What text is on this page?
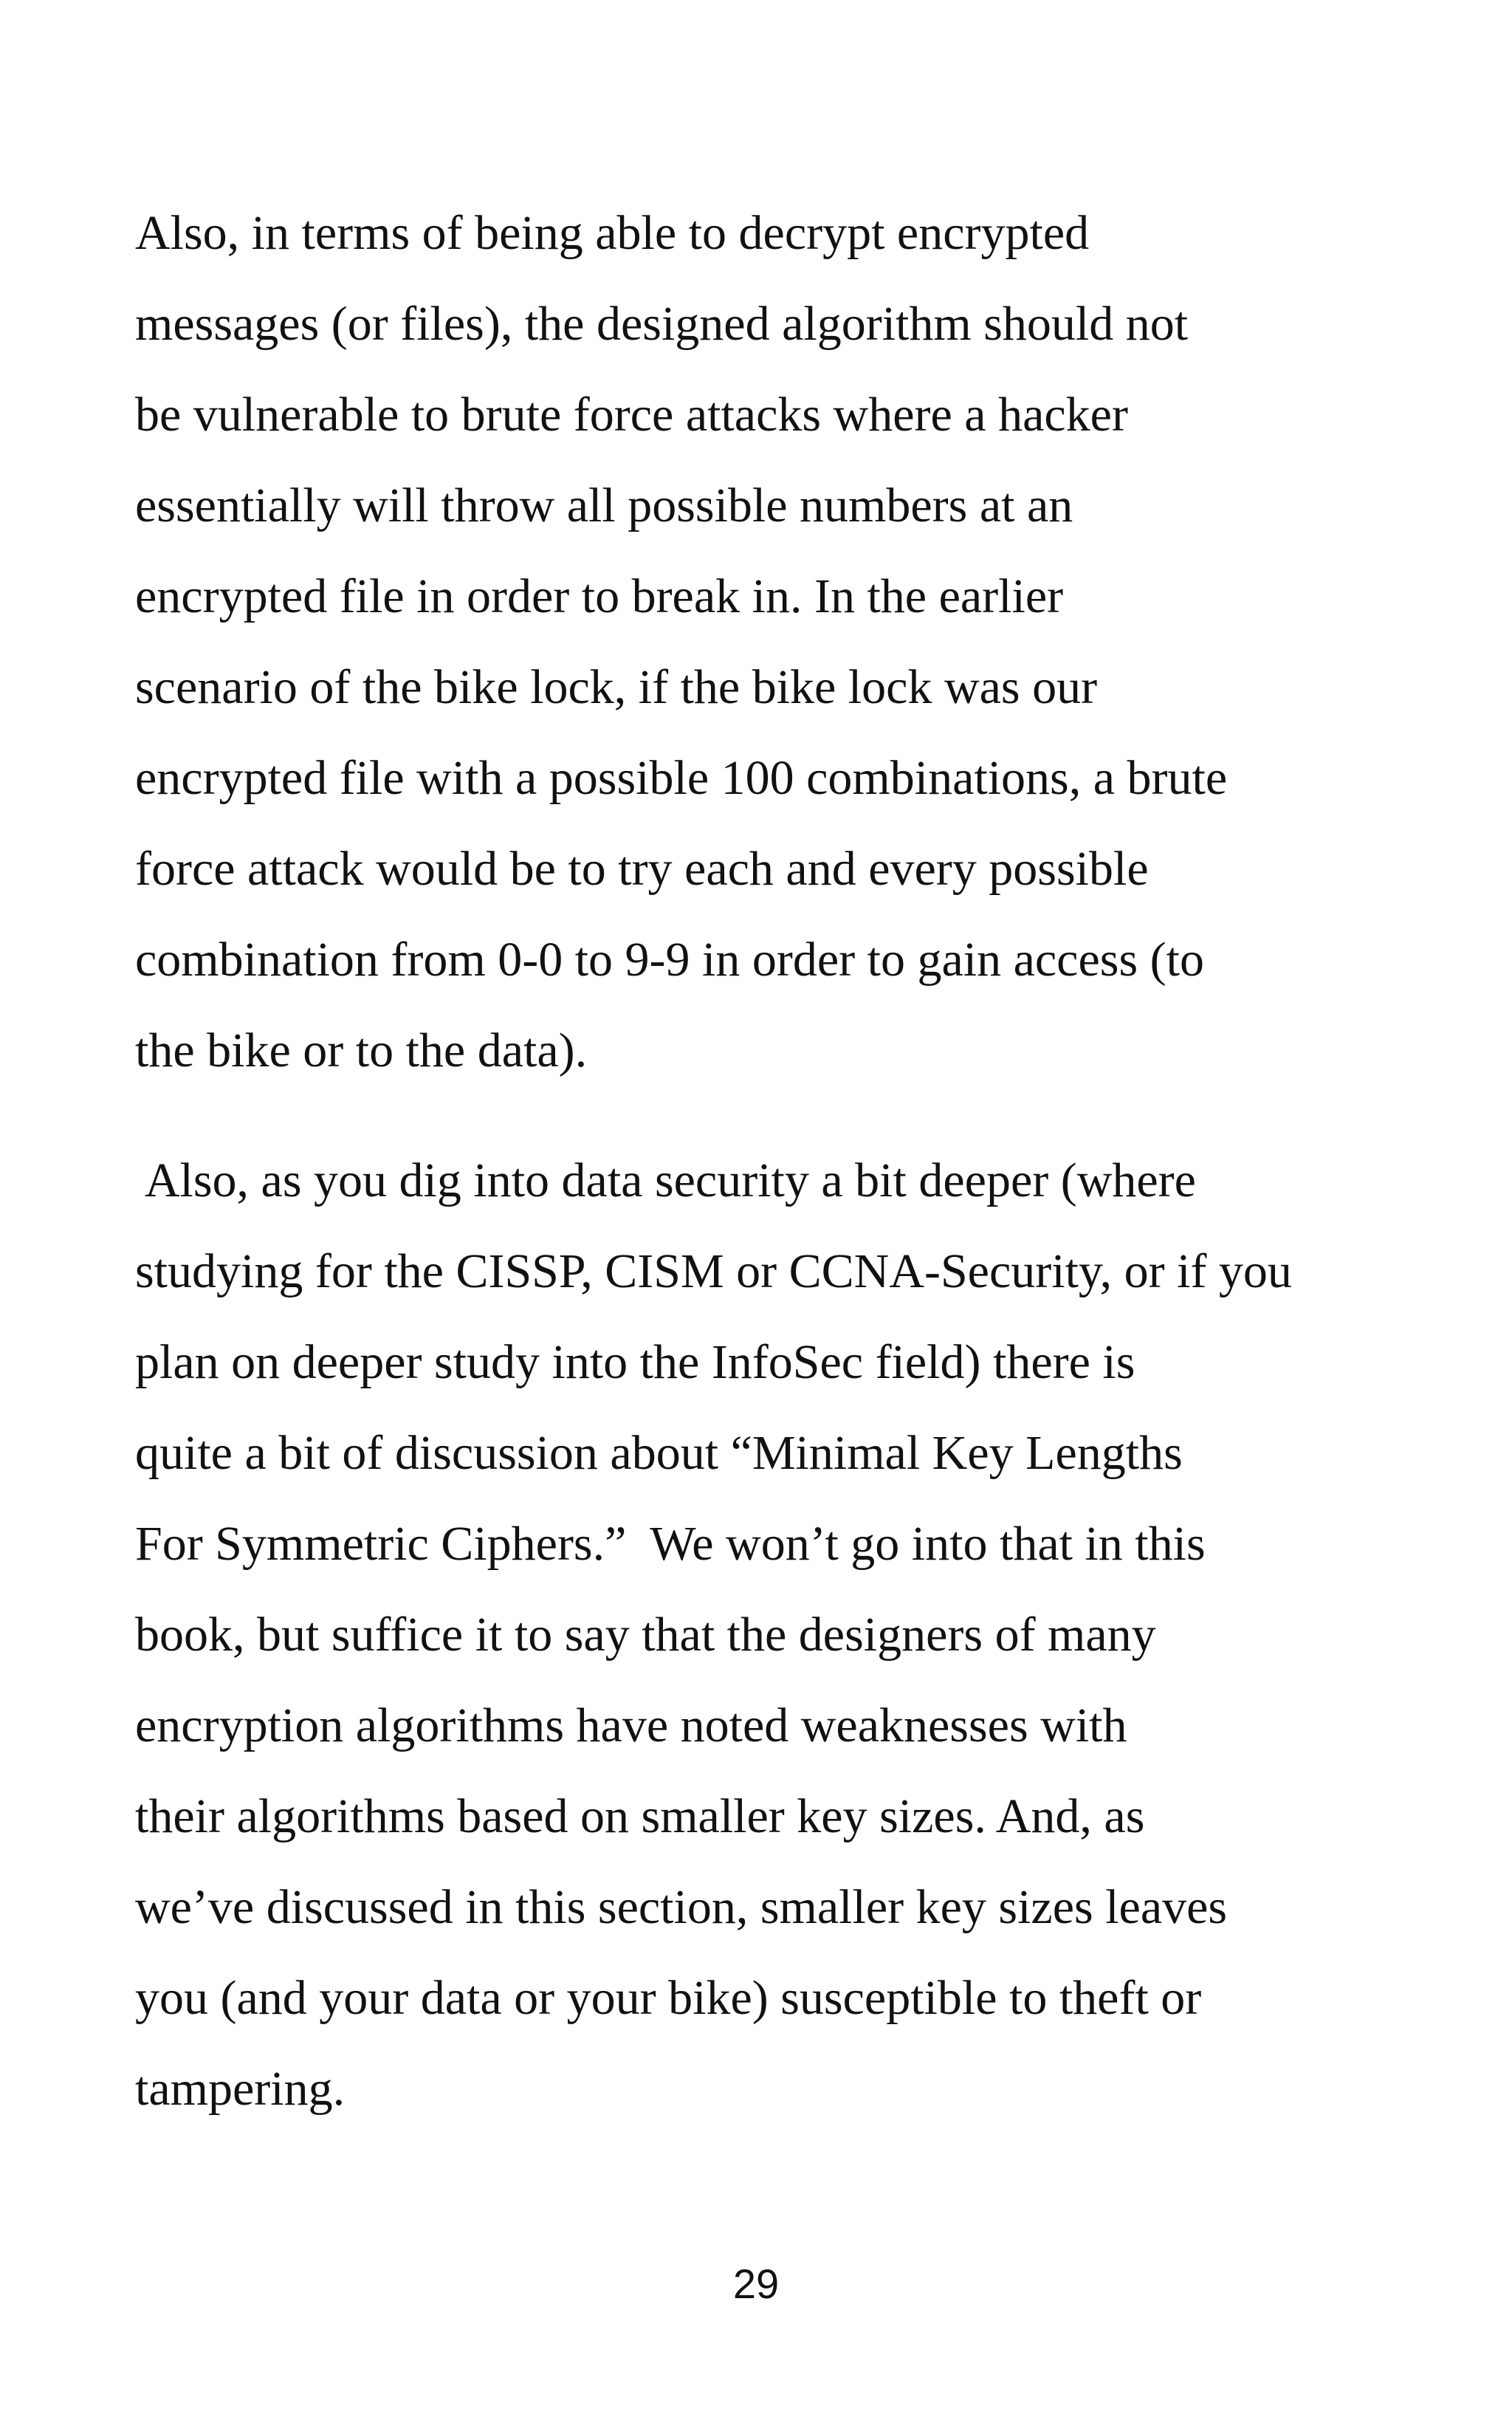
Also, in terms of being able to decrypt encrypted
messages (or files), the designed algorithm should not
be vulnerable to brute force attacks where a hacker
essentially will throw all possible numbers at an
encrypted file in order to break in. In the earlier
scenario of the bike lock, if the bike lock was our
encrypted file with a possible 100 combinations, a brute
force attack would be to try each and every possible
combination from 0-0 to 9-9 in order to gain access (to
the bike or to the data).
Also, as you dig into data security a bit deeper (where
studying for the CISSP, CISM or CCNA-Security, or if you
plan on deeper study into the InfoSec field) there is
quite a bit of discussion about “Minimal Key Lengths
For Symmetric Ciphers.”  We won’t go into that in this
book, but suffice it to say that the designers of many
encryption algorithms have noted weaknesses with
their algorithms based on smaller key sizes. And, as
we’ve discussed in this section, smaller key sizes leaves
you (and your data or your bike) susceptible to theft or
tampering.
29
